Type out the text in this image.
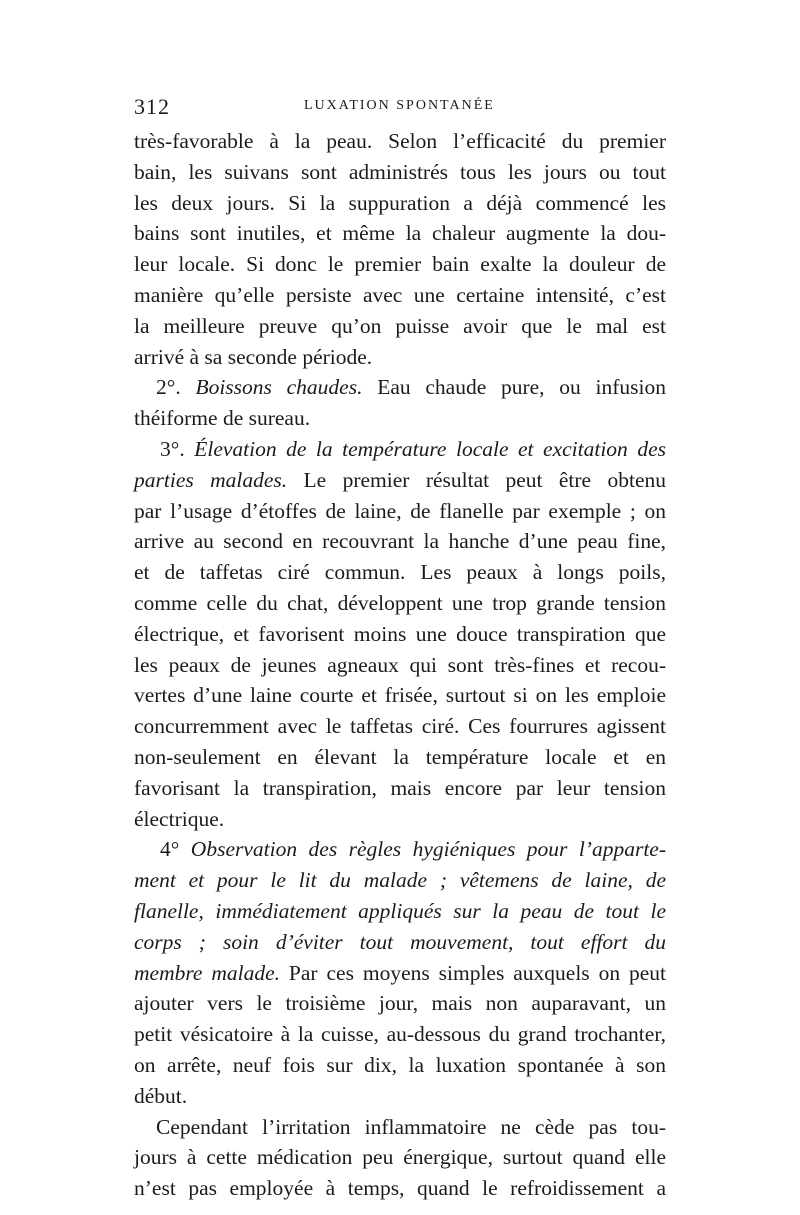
312	LUXATION SPONTANÉE
très-favorable à la peau. Selon l’efficacité du premier
bain, les suivans sont administrés tous les jours ou tout
les deux jours. Si la suppuration a déjà commencé les
bains sont inutiles, et même la chaleur augmente la dou-
leur locale. Si donc le premier bain exalte la douleur de
manière qu’elle persiste avec une certaine intensité, c’est
la meilleure preuve qu’on puisse avoir que le mal est
arrivé à sa seconde période.
2°. Boissons chaudes. Eau chaude pure, ou infusion
théiforme de sureau.
3°. Élevation de la température locale et excitation des
parties malades. Le premier résultat peut être obtenu
par l’usage d’étoffes de laine, de flanelle par exemple ; on
arrive au second en recouvrant la hanche d’une peau fine,
et de taffetas ciré commun. Les peaux à longs poils,
comme celle du chat, développent une trop grande tension
électrique, et favorisent moins une douce transpiration que
les peaux de jeunes agneaux qui sont très-fines et recou-
vertes d’une laine courte et frisée, surtout si on les emploie
concurremment avec le taffetas ciré. Ces fourrures agissent
non-seulement en élevant la température locale et en
favorisant la transpiration, mais encore par leur tension
électrique.
4° Observation des règles hygiéniques pour l’apparte-
ment et pour le lit du malade ; vêtemens de laine, de
flanelle, immédiatement appliqués sur la peau de tout le
corps ; soin d’éviter tout mouvement, tout effort du
membre malade. Par ces moyens simples auxquels on peut
ajouter vers le troisième jour, mais non auparavant, un
petit vésicatoire à la cuisse, au-dessous du grand trochanter,
on arrête, neuf fois sur dix, la luxation spontanée à son
début.
Cependant l’irritation inflammatoire ne cède pas tou-
jours à cette médication peu énergique, surtout quand elle
n’est pas employée à temps, quand le refroidissement a
